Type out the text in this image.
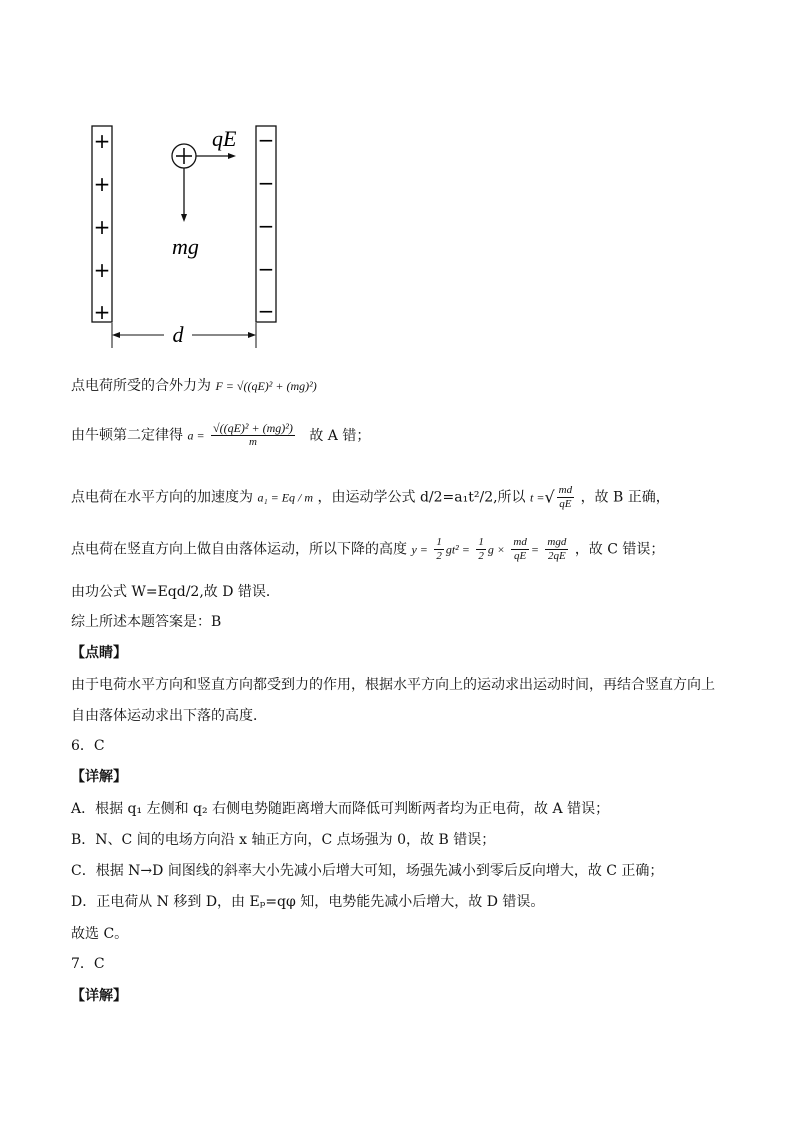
+
+
+
+
+
−
−
−
−
−
qE
mg
d
点电荷所受的合外力为 F = √((qE)² + (mg)²)
由牛顿第二定律得 $a = \frac{\text{√((qE)² + (mg)²)}}{m}$ 故 A 错；
点电荷在水平方向的加速度为 a₁ = Eq / m ，由运动学公式 d/2=a₁t²/2,所以 t =√ $\frac{md}{qE}$ ，故 B 正确，
点电荷在竖直方向上做自由落体运动，所以下降的高度 $y = \frac{1}{2} gt^2 = \frac{1}{2}$ $g \times \frac{md}{qE} = \frac{\text{mgd}}{2qE}$ ，故 C 错误；
由功公式 W=Eqd/2,故 D 错误．
综上所述本题答案是：B
【点睛】
由于电荷水平方向和竖直方向都受到力的作用，根据水平方向上的运动求出运动时间，再结合竖直方向上
自由落体运动求出下落的高度．
6．C
【详解】
A．根据 q₁ 左侧和 q₂ 右侧电势随距离增大而降低可判断两者均为正电荷，故 A 错误；
B．N、C 间的电场方向沿 x 轴正方向，C 点场强为 0，故 B 错误；
C．根据 N→D 间图线的斜率大小先减小后增大可知，场强先减小到零后反向增大，故 C 正确；
D．正电荷从 N 移到 D，由 Eₚ=qφ 知，电势能先减小后增大，故 D 错误。
故选 C。
7．C
【详解】
